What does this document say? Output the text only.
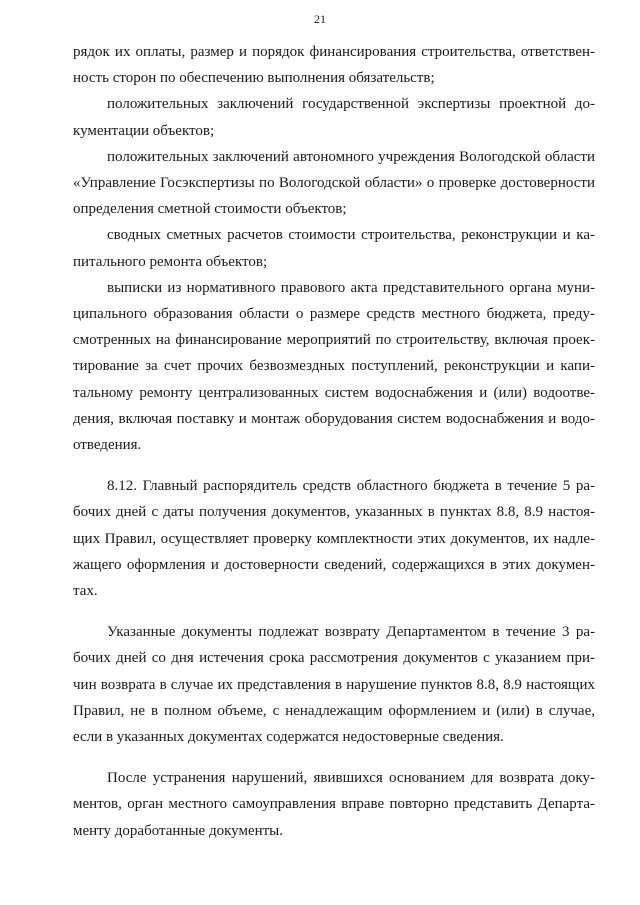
21

рядок их оплаты, размер и порядок финансирования строительства, ответственность сторон по обеспечению выполнения обязательств;

положительных заключений государственной экспертизы проектной документации объектов;

положительных заключений автономного учреждения Вологодской области «Управление Госэкспертизы по Вологодской области» о проверке достоверности определения сметной стоимости объектов;

сводных сметных расчетов стоимости строительства, реконструкции и капитального ремонта объектов;

выписки из нормативного правового акта представительного органа муниципального образования области о размере средств местного бюджета, предусмотренных на финансирование мероприятий по строительству, включая проектирование за счет прочих безвозмездных поступлений, реконструкции и капитальному ремонту централизованных систем водоснабжения и (или) водоотведения, включая поставку и монтаж оборудования систем водоснабжения и водоотведения.

8.12. Главный распорядитель средств областного бюджета в течение 5 рабочих дней с даты получения документов, указанных в пунктах 8.8, 8.9 настоящих Правил, осуществляет проверку комплектности этих документов, их надлежащего оформления и достоверности сведений, содержащихся в этих документах.

Указанные документы подлежат возврату Департаментом в течение 3 рабочих дней со дня истечения срока рассмотрения документов с указанием причин возврата в случае их представления в нарушение пунктов 8.8, 8.9 настоящих Правил, не в полном объеме, с ненадлежащим оформлением и (или) в случае, если в указанных документах содержатся недостоверные сведения.

После устранения нарушений, явившихся основанием для возврата документов, орган местного самоуправления вправе повторно представить Департаменту доработанные документы.
